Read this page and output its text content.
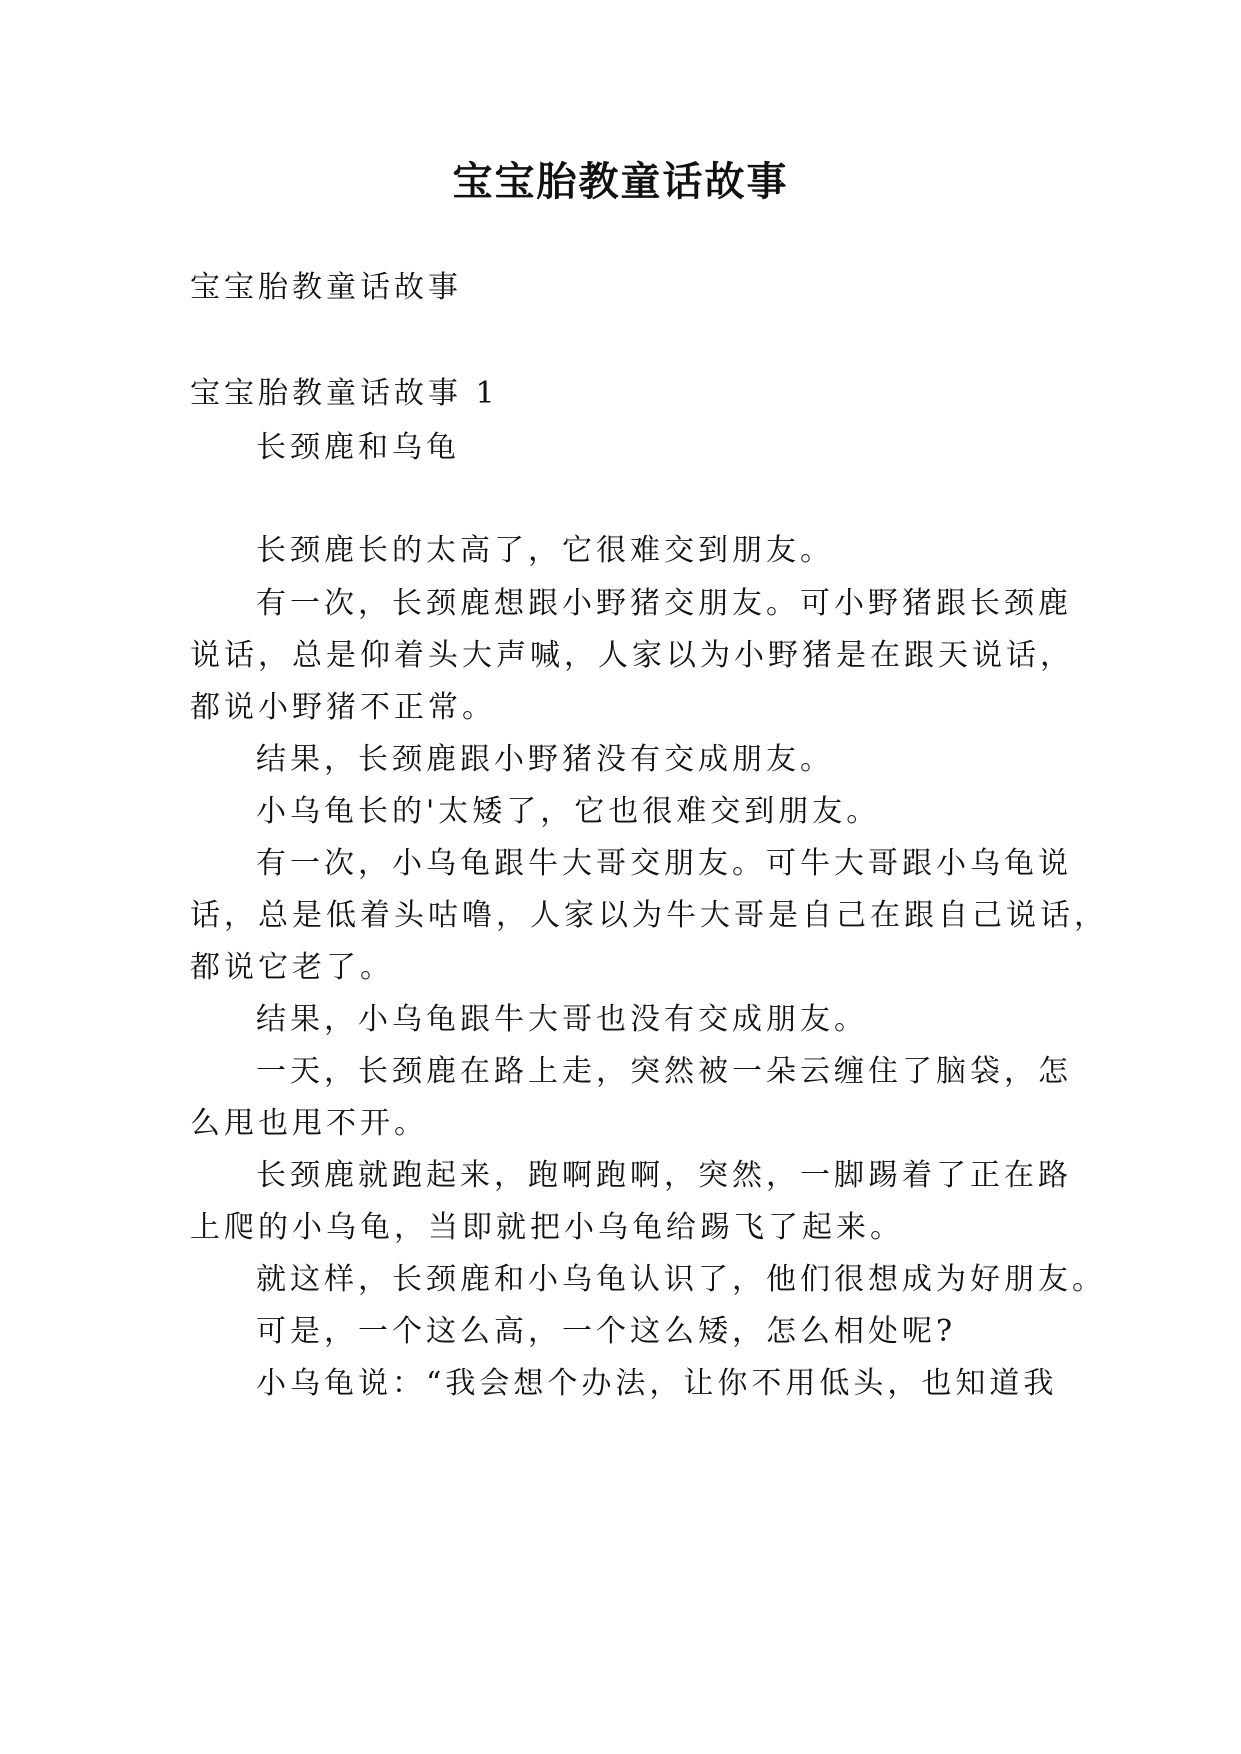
宝宝胎教童话故事
宝宝胎教童话故事
宝宝胎教童话故事 1
长颈鹿和乌龟
长颈鹿长的太高了，它很难交到朋友。
有一次，长颈鹿想跟小野猪交朋友。可小野猪跟长颈鹿
说话，总是仰着头大声喊，人家以为小野猪是在跟天说话，
都说小野猪不正常。
结果，长颈鹿跟小野猪没有交成朋友。
小乌龟长的'太矮了，它也很难交到朋友。
有一次，小乌龟跟牛大哥交朋友。可牛大哥跟小乌龟说
话，总是低着头咕噜，人家以为牛大哥是自己在跟自己说话，
都说它老了。
结果，小乌龟跟牛大哥也没有交成朋友。
一天，长颈鹿在路上走，突然被一朵云缠住了脑袋，怎
么甩也甩不开。
长颈鹿就跑起来，跑啊跑啊，突然，一脚踢着了正在路
上爬的小乌龟，当即就把小乌龟给踢飞了起来。
就这样，长颈鹿和小乌龟认识了，他们很想成为好朋友。
可是，一个这么高，一个这么矮，怎么相处呢?
小乌龟说：“我会想个办法，让你不用低头，也知道我
